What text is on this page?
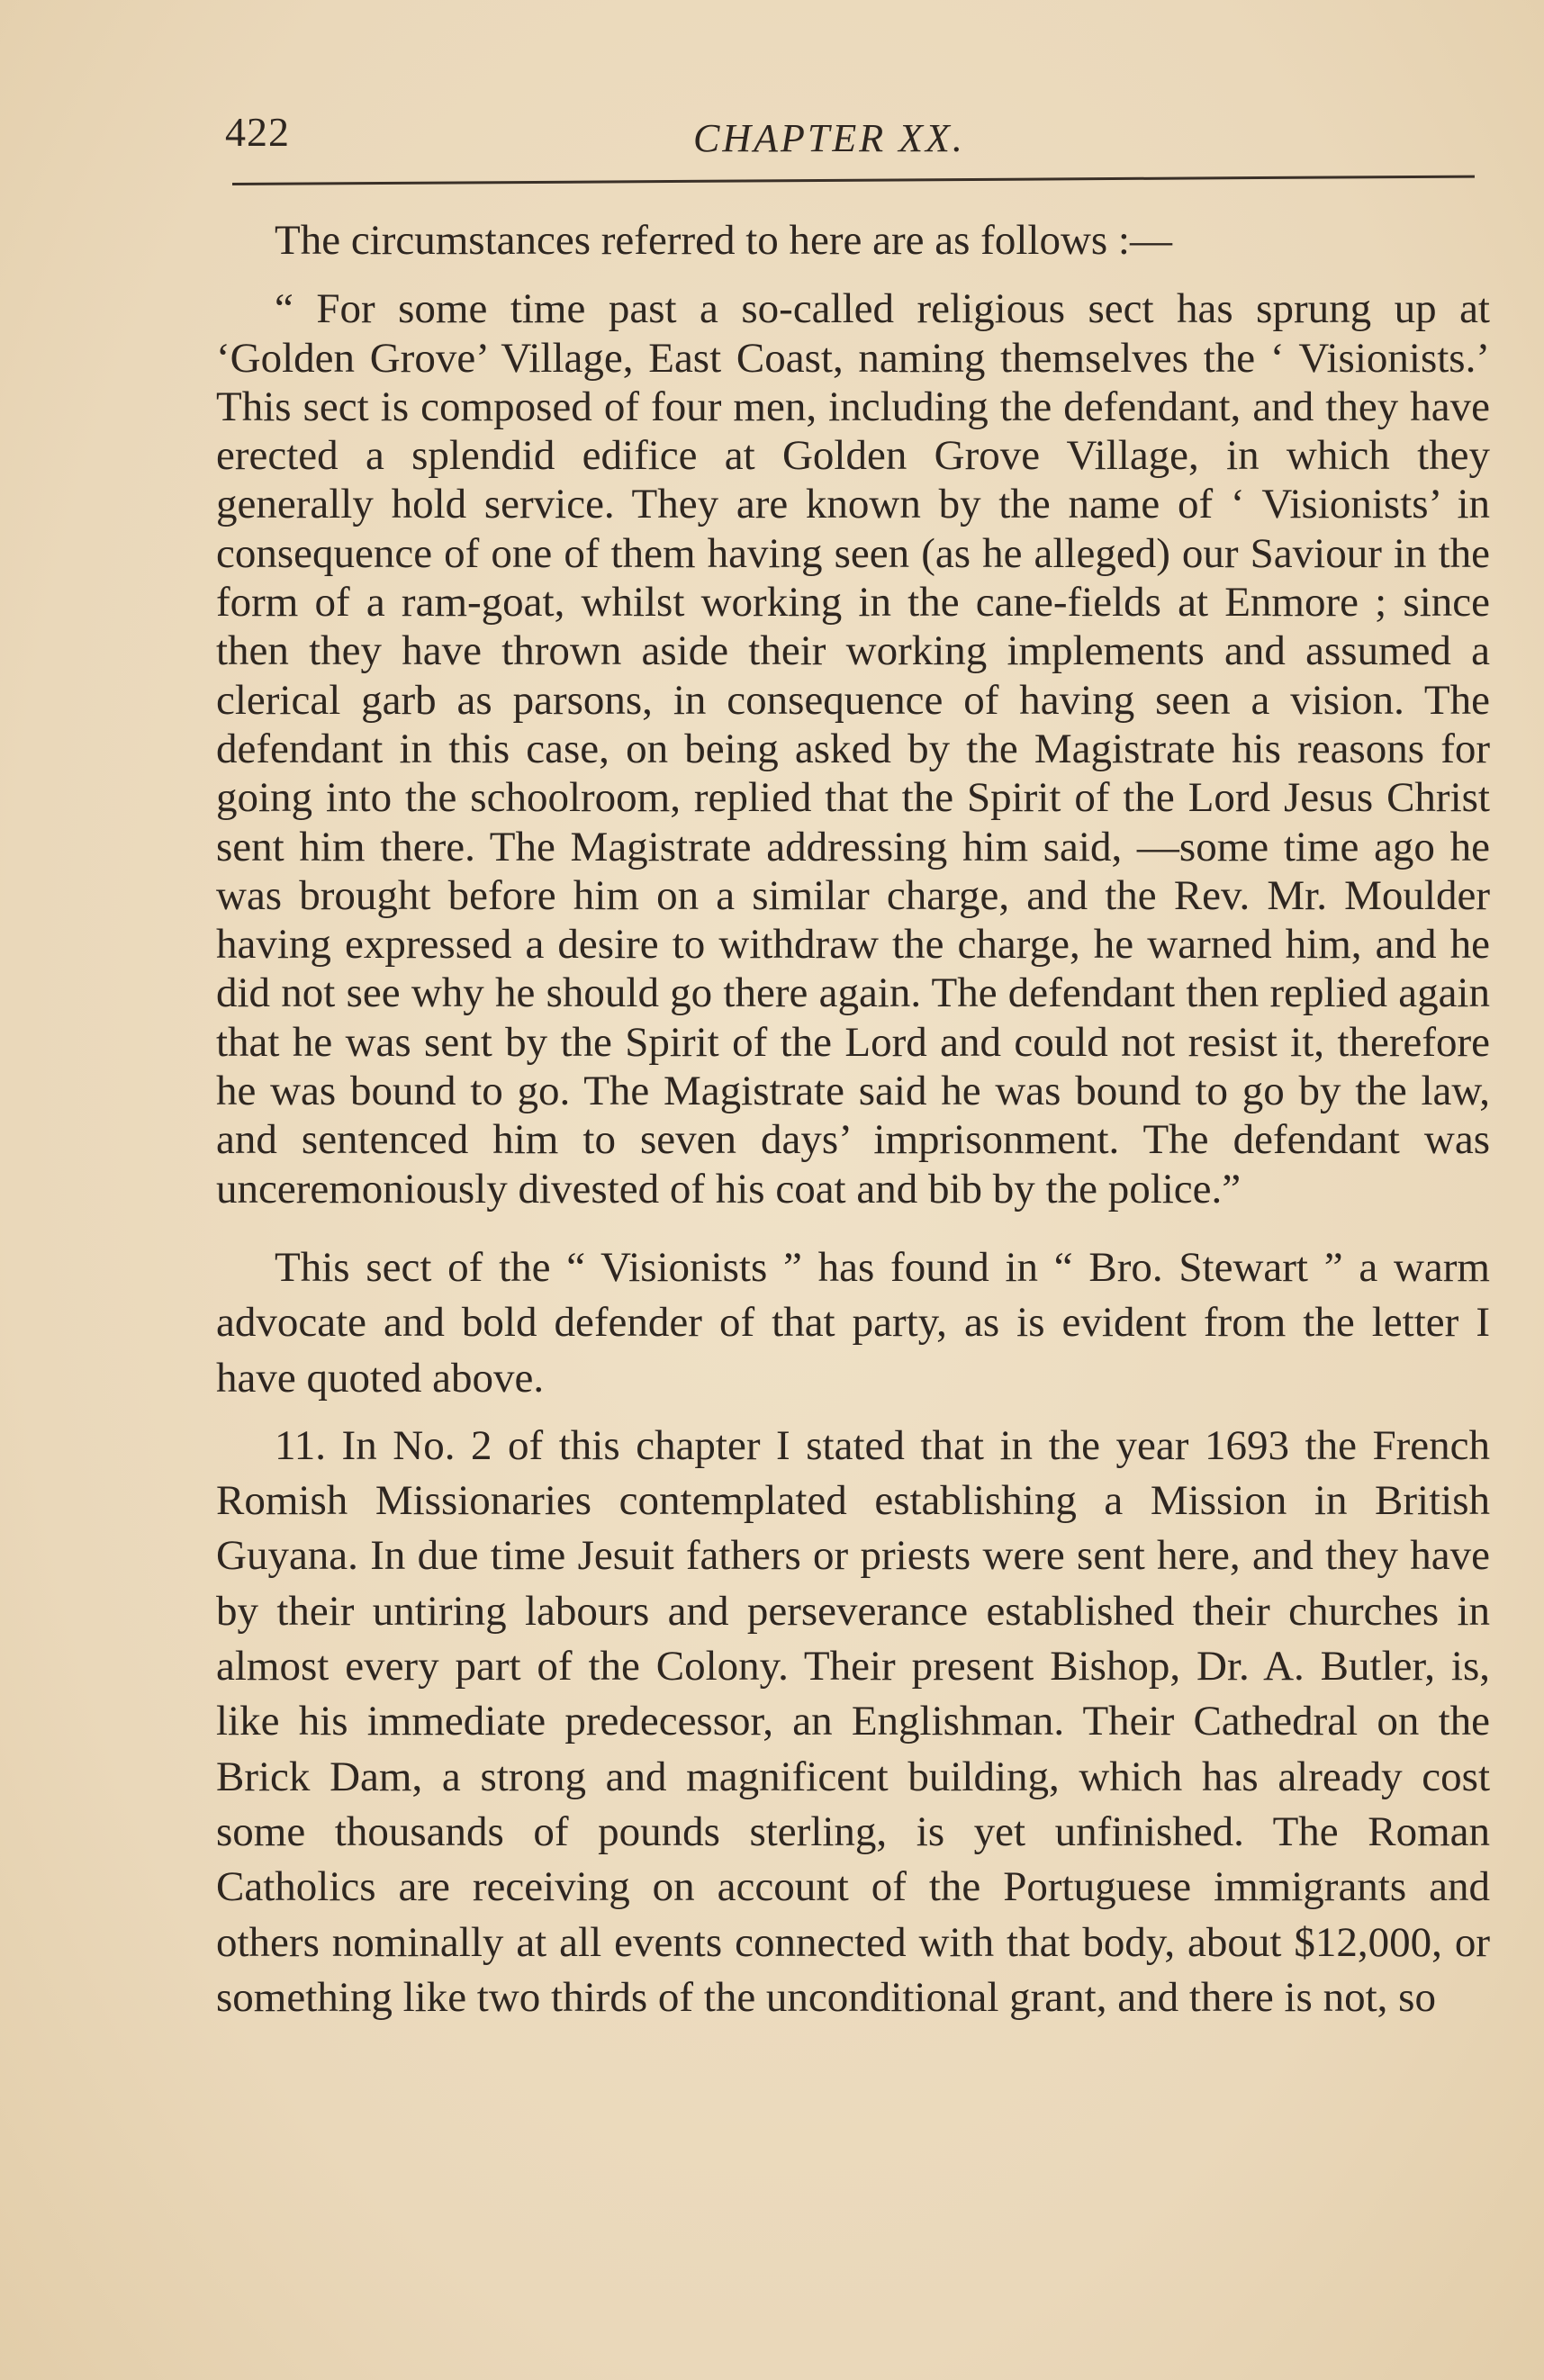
422	CHAPTER XX.

The circumstances referred to here are as follows :—

“ For some time past a so-called religious sect has sprung up at ‘Golden Grove’ Village, East Coast, naming themselves the ‘ Visionists.’ This sect is composed of four men, including the defendant, and they have erected a splendid edifice at Golden Grove Village, in which they generally hold service. They are known by the name of ‘ Visionists’ in consequence of one of them having seen (as he alleged) our Saviour in the form of a ram-goat, whilst working in the cane-fields at Enmore ; since then they have thrown aside their working implements and assumed a clerical garb as parsons, in consequence of having seen a vision. The defendant in this case, on being asked by the Magistrate his reasons for going into the schoolroom, replied that the Spirit of the Lord Jesus Christ sent him there. The Magistrate addressing him said, —some time ago he was brought before him on a similar charge, and the Rev. Mr. Moulder having expressed a desire to withdraw the charge, he warned him, and he did not see why he should go there again. The defendant then replied again that he was sent by the Spirit of the Lord and could not resist it, therefore he was bound to go. The Magistrate said he was bound to go by the law, and sentenced him to seven days’ imprisonment. The defendant was unceremoniously divested of his coat and bib by the police.”

This sect of the “ Visionists ” has found in “ Bro. Stewart ” a warm advocate and bold defender of that party, as is evident from the letter I have quoted above.

11. In No. 2 of this chapter I stated that in the year 1693 the French Romish Missionaries contemplated establishing a Mission in British Guyana. In due time Jesuit fathers or priests were sent here, and they have by their untiring labours and perseverance established their churches in almost every part of the Colony. Their present Bishop, Dr. A. Butler, is, like his immediate predecessor, an Englishman. Their Cathedral on the Brick Dam, a strong and magnificent building, which has already cost some thousands of pounds sterling, is yet unfinished. The Roman Catholics are receiving on account of the Portuguese immigrants and others nominally at all events connected with that body, about $12,000, or something like two thirds of the unconditional grant, and there is not, so
